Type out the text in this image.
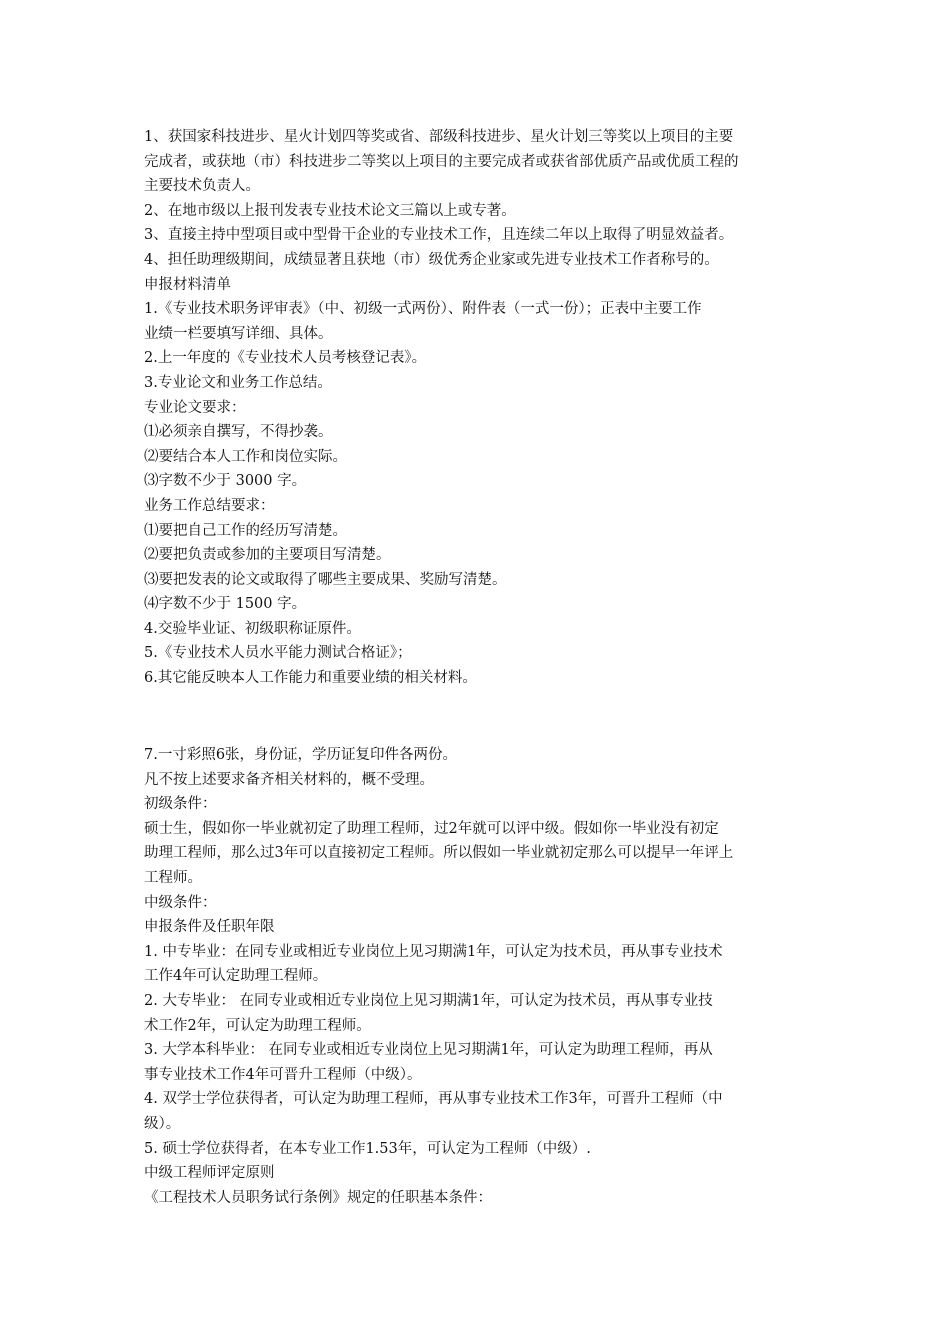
1、获国家科技进步、星火计划四等奖或省、部级科技进步、星火计划三等奖以上项目的主要
完成者，或获地（市）科技进步二等奖以上项目的主要完成者或获省部优质产品或优质工程的
主要技术负责人。
2、在地市级以上报刊发表专业技术论文三篇以上或专著。
3、直接主持中型项目或中型骨干企业的专业技术工作，且连续二年以上取得了明显效益者。
4、担任助理级期间，成绩显著且获地（市）级优秀企业家或先进专业技术工作者称号的。
申报材料清单
1.《专业技术职务评审表》（中、初级一式两份）、附件表（一式一份）；正表中主要工作
业绩一栏要填写详细、具体。
2.上一年度的《专业技术人员考核登记表》。
3.专业论文和业务工作总结。
专业论文要求：
⑴必须亲自撰写，不得抄袭。
⑵要结合本人工作和岗位实际。
⑶字数不少于 3000 字。
业务工作总结要求：
⑴要把自己工作的经历写清楚。
⑵要把负责或参加的主要项目写清楚。
⑶要把发表的论文或取得了哪些主要成果、奖励写清楚。
⑷字数不少于 1500 字。
4.交验毕业证、初级职称证原件。
5.《专业技术人员水平能力测试合格证》；
6.其它能反映本人工作能力和重要业绩的相关材料。
7.一寸彩照6张，身份证，学历证复印件各两份。
凡不按上述要求备齐相关材料的，概不受理。
初级条件：
硕士生，假如你一毕业就初定了助理工程师，过2年就可以评中级。假如你一毕业没有初定
助理工程师，那么过3年可以直接初定工程师。所以假如一毕业就初定那么可以提早一年评上
工程师。
中级条件：
申报条件及任职年限
1. 中专毕业：在同专业或相近专业岗位上见习期满1年，可认定为技术员，再从事专业技术
工作4年可认定助理工程师。
2. 大专毕业： 在同专业或相近专业岗位上见习期满1年，可认定为技术员，再从事专业技
术工作2年，可认定为助理工程师。
3. 大学本科毕业： 在同专业或相近专业岗位上见习期满1年，可认定为助理工程师，再从
事专业技术工作4年可晋升工程师（中级）。
4. 双学士学位获得者，可认定为助理工程师，再从事专业技术工作3年，可晋升工程师（中
级）。
5. 硕士学位获得者，在本专业工作1.53年，可认定为工程师（中级）.
中级工程师评定原则
《工程技术人员职务试行条例》规定的任职基本条件：
